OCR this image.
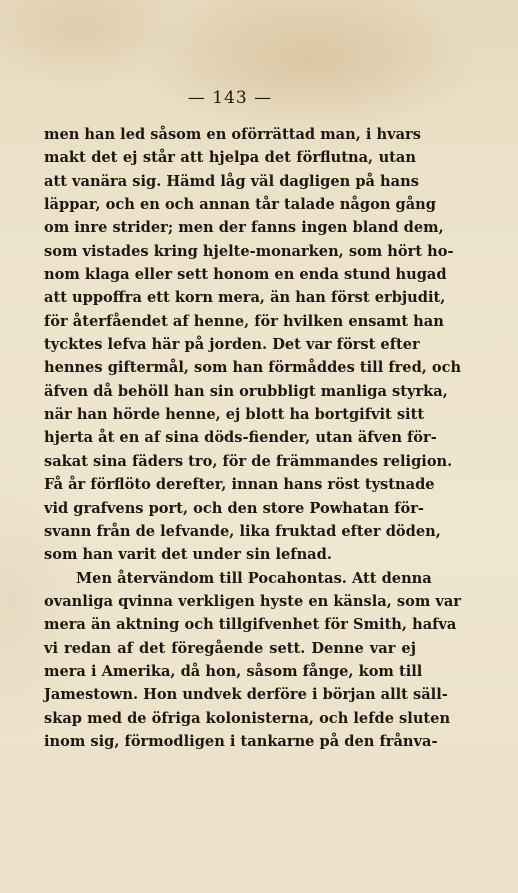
— 143 —
men han led såsom en oförrättad man, i hvars
makt det ej står att hjelpa det förflutna, utan
att vanära sig. Hämd låg väl dagligen på hans
läppar, och en och annan tår talade någon gång
om inre strider; men der fanns ingen bland dem,
som vistades kring hjelte-monarken, som hört ho-
nom klaga eller sett honom en enda stund hugad
att uppoffra ett korn mera, än han först erbjudit,
för återfåendet af henne, för hvilken ensamt han
tycktes lefva här på jorden. Det var först efter
hennes giftermål, som han förmåddes till fred, och
äfven då behöll han sin orubbligt manliga styrka,
när han hörde henne, ej blott ha bortgifvit sitt
hjerta åt en af sina döds-fiender, utan äfven för-
sakat sina fäders tro, för de främmandes religion.
Få år förflöto derefter, innan hans röst tystnade
vid grafvens port, och den store Powhatan för-
svann från de lefvande, lika fruktad efter döden,
som han varit det under sin lefnad.
Men återvändom till Pocahontas. Att denna
ovanliga qvinna verkligen hyste en känsla, som var
mera än aktning och tillgifvenhet för Smith, hafva
vi redan af det föregående sett. Denne var ej
mera i Amerika, då hon, såsom fånge, kom till
Jamestown. Hon undvek derföre i början allt säll-
skap med de öfriga kolonisterna, och lefde sluten
inom sig, förmodligen i tankarne på den frånva-
